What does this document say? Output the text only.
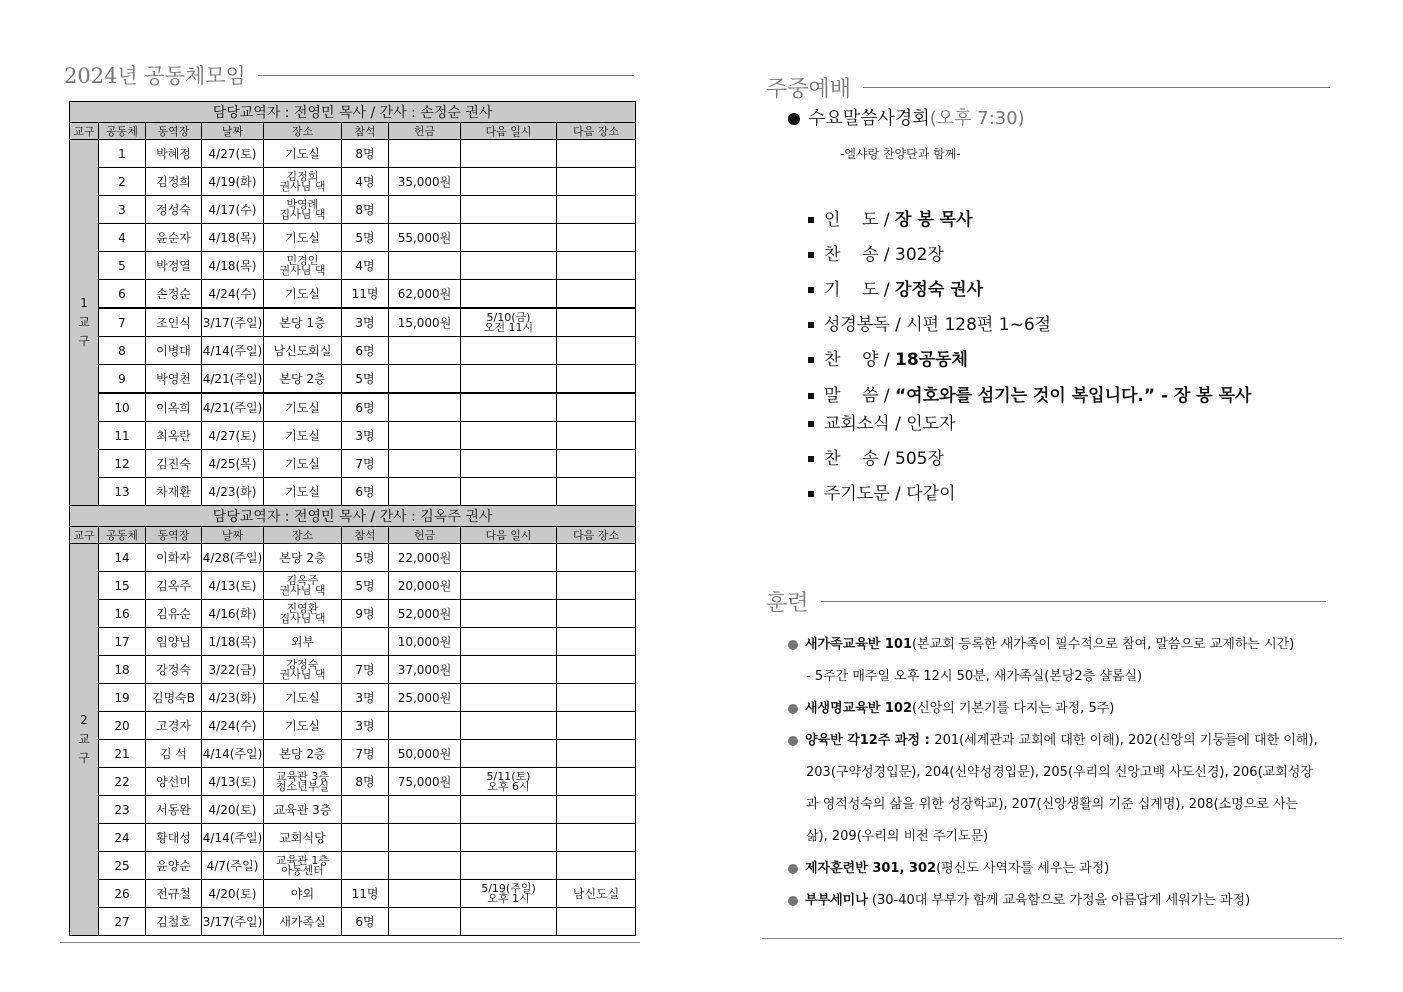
2024년 공동체모임
담당교역자 : 전영민 목사 / 간사 : 손정순 권사								
교구	공동체	동역장	날짜	장소	참석	헌금	다음 일시	다음 장소
1
교
구	1	박혜정	4/27(토)	기도실	8명			
	2	김정희	4/19(화)	김정희
권사님 댁	4명	35,000원		
	3	정성숙	4/17(수)	박영례
집사님 댁	8명			
	4	윤순자	4/18(목)	기도실	5명	55,000원		
	5	박정열	4/18(목)	민경인
권사님 댁	4명			
	6	손정순	4/24(수)	기도실	11명	62,000원		
	7	조인식	3/17(주일)	본당 1층	3명	15,000원	5/10(금)
오전 11시	
	8	이병대	4/14(주일)	남신도회실	6명			
	9	박영천	4/21(주일)	본당 2층	5명			
	10	이옥희	4/21(주일)	기도실	6명			
	11	최옥란	4/27(토)	기도실	3명			
	12	김진숙	4/25(목)	기도실	7명			
	13	차재환	4/23(화)	기도실	6명			
담당교역자 : 전영민 목사 / 간사 : 김옥주 권사								
교구	공동체	동역장	날짜	장소	참석	헌금	다음 일시	다음 장소
2
교
구	14	이화자	4/28(주일)	본당 2층	5명	22,000원		
	15	김옥주	4/13(토)	김옥주
권사님 댁	5명	20,000원		
	16	김유순	4/16(화)	진영환
집사님 댁	9명	52,000원		
	17	임양님	1/18(목)	외부		10,000원		
	18	강정숙	3/22(금)	강정숙
권사님 댁	7명	37,000원		
	19	김명숙B	4/23(화)	기도실	3명	25,000원		
	20	고경자	4/24(수)	기도실	3명			
	21	김 석	4/14(주일)	본당 2층	7명	50,000원		
	22	양선미	4/13(토)	교육관 3층
청소년부실	8명	75,000원	5/11(토)
오후 6시	
	23	서동완	4/20(토)	교육관 3층				
	24	황대성	4/14(주일)	교회식당				
	25	윤양순	4/7(주일)	교육관 1층
아동센터				
	26	전규철	4/20(토)	야외	11명		5/19(주일)
오후 1시	남신도실
	27	김철호	3/17(주일)	새가족실	6명			
주중예배
수요말씀사경회(오후 7:30)
-엘샤랑 찬양단과 함께-
인    도 / 장 봉 목사
찬    송 / 302장
기    도 / 강정숙 권사
성경봉독 / 시편 128편 1~6절
찬    양 / 18공동체
말    씀 / “여호와를 섬기는 것이 복입니다.” - 장 봉 목사
교회소식 / 인도자
찬    송 / 505장
주기도문 / 다같이
훈련
새가족교육반 101(본교회 등록한 새가족이 필수적으로 참여, 말씀으로 교제하는 시간)
- 5주간 매주일 오후 12시 50분, 새가족실(본당2층 샬롬실)
새생명교육반 102(신앙의 기본기를 다지는 과정, 5주)
양육반 각12주 과정 : 201(세계관과 교회에 대한 이해), 202(신앙의 기둥들에 대한 이해),
203(구약성경입문), 204(신약성경입문), 205(우리의 신앙고백 사도신경), 206(교회성장
과 영적성숙의 삶을 위한 성장학교), 207(신앙생활의 기준 십계명), 208(소명으로 사는
삶), 209(우리의 비전 주기도문)
제자훈련반 301, 302(평신도 사역자를 세우는 과정)
부부세미나 (30-40대 부부가 함께 교육함으로 가정을 아름답게 세워가는 과정)
